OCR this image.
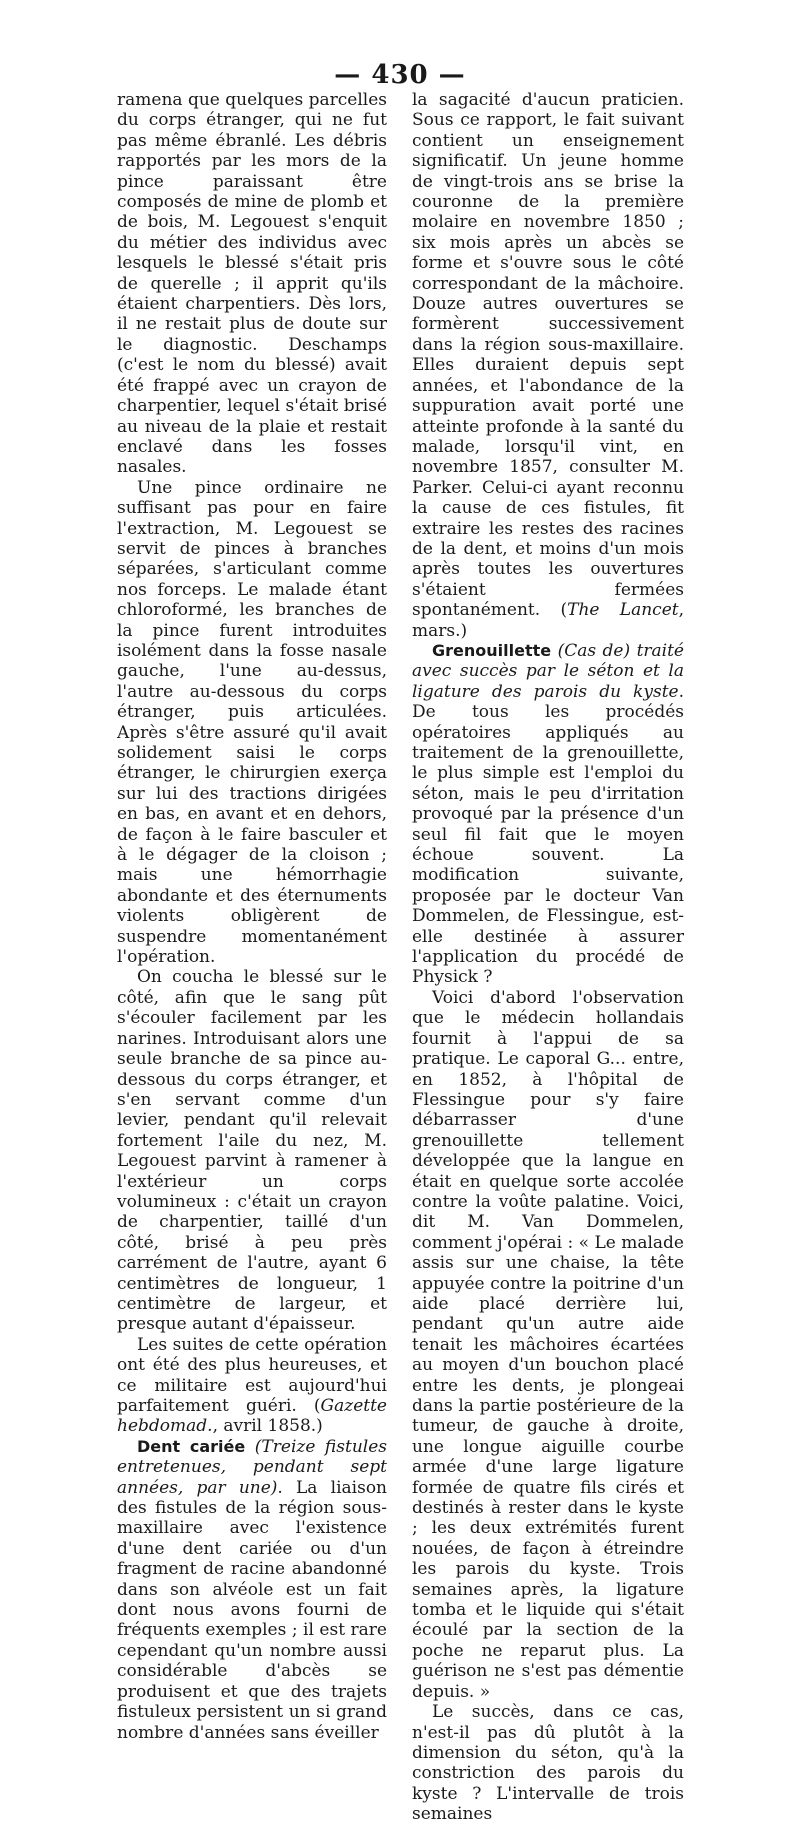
— 430 —

ramena que quelques parcelles du corps étranger, qui ne fut pas même ébranlé. Les débris rapportés par les mors de la pince paraissant être composés de mine de plomb et de bois, M. Legouest s'enquit du métier des individus avec lesquels le blessé s'était pris de querelle ; il apprit qu'ils étaient charpentiers. Dès lors, il ne restait plus de doute sur le diagnostic. Deschamps (c'est le nom du blessé) avait été frappé avec un crayon de charpentier, lequel s'était brisé au niveau de la plaie et restait enclavé dans les fosses nasales.

Une pince ordinaire ne suffisant pas pour en faire l'extraction, M. Legouest se servit de pinces à branches séparées, s'articulant comme nos forceps. Le malade étant chloroformé, les branches de la pince furent introduites isolément dans la fosse nasale gauche, l'une au-dessus, l'autre au-dessous du corps étranger, puis articulées. Après s'être assuré qu'il avait solidement saisi le corps étranger, le chirurgien exerça sur lui des tractions dirigées en bas, en avant et en dehors, de façon à le faire basculer et à le dégager de la cloison ; mais une hémorrhagie abondante et des éternuments violents obligèrent de suspendre momentanément l'opération.

On coucha le blessé sur le côté, afin que le sang pût s'écouler facilement par les narines. Introduisant alors une seule branche de sa pince au-dessous du corps étranger, et s'en servant comme d'un levier, pendant qu'il relevait fortement l'aile du nez, M. Legouest parvint à ramener à l'extérieur un corps volumineux : c'était un crayon de charpentier, taillé d'un côté, brisé à peu près carrément de l'autre, ayant 6 centimètres de longueur, 1 centimètre de largeur, et presque autant d'épaisseur.

Les suites de cette opération ont été des plus heureuses, et ce militaire est aujourd'hui parfaitement guéri. (Gazette hebdomad., avril 1858.)

Dent cariée (Treize fistules entretenues, pendant sept années, par une). La liaison des fistules de la région sous-maxillaire avec l'existence d'une dent cariée ou d'un fragment de racine abandonné dans son alvéole est un fait dont nous avons fourni de fréquents exemples ; il est rare cependant qu'un nombre aussi considérable d'abcès se produisent et que des trajets fistuleux persistent un si grand nombre d'années sans éveiller

la sagacité d'aucun praticien. Sous ce rapport, le fait suivant contient un enseignement significatif. Un jeune homme de vingt-trois ans se brise la couronne de la première molaire en novembre 1850 ; six mois après un abcès se forme et s'ouvre sous le côté correspondant de la mâchoire. Douze autres ouvertures se formèrent successivement dans la région sous-maxillaire. Elles duraient depuis sept années, et l'abondance de la suppuration avait porté une atteinte profonde à la santé du malade, lorsqu'il vint, en novembre 1857, consulter M. Parker. Celui-ci ayant reconnu la cause de ces fistules, fit extraire les restes des racines de la dent, et moins d'un mois après toutes les ouvertures s'étaient fermées spontanément. (The Lancet, mars.)

Grenouillette (Cas de) traité avec succès par le séton et la ligature des parois du kyste. De tous les procédés opératoires appliqués au traitement de la grenouillette, le plus simple est l'emploi du séton, mais le peu d'irritation provoqué par la présence d'un seul fil fait que le moyen échoue souvent. La modification suivante, proposée par le docteur Van Dommelen, de Flessingue, est-elle destinée à assurer l'application du procédé de Physick ?

Voici d'abord l'observation que le médecin hollandais fournit à l'appui de sa pratique. Le caporal G... entre, en 1852, à l'hôpital de Flessingue pour s'y faire débarrasser d'une grenouillette tellement développée que la langue en était en quelque sorte accolée contre la voûte palatine. Voici, dit M. Van Dommelen, comment j'opérai : « Le malade assis sur une chaise, la tête appuyée contre la poitrine d'un aide placé derrière lui, pendant qu'un autre aide tenait les mâchoires écartées au moyen d'un bouchon placé entre les dents, je plongeai dans la partie postérieure de la tumeur, de gauche à droite, une longue aiguille courbe armée d'une large ligature formée de quatre fils cirés et destinés à rester dans le kyste ; les deux extrémités furent nouées, de façon à étreindre les parois du kyste. Trois semaines après, la ligature tomba et le liquide qui s'était écoulé par la section de la poche ne reparut plus. La guérison ne s'est pas démentie depuis. »

Le succès, dans ce cas, n'est-il pas dû plutôt à la dimension du séton, qu'à la constriction des parois du kyste ? L'intervalle de trois semaines
